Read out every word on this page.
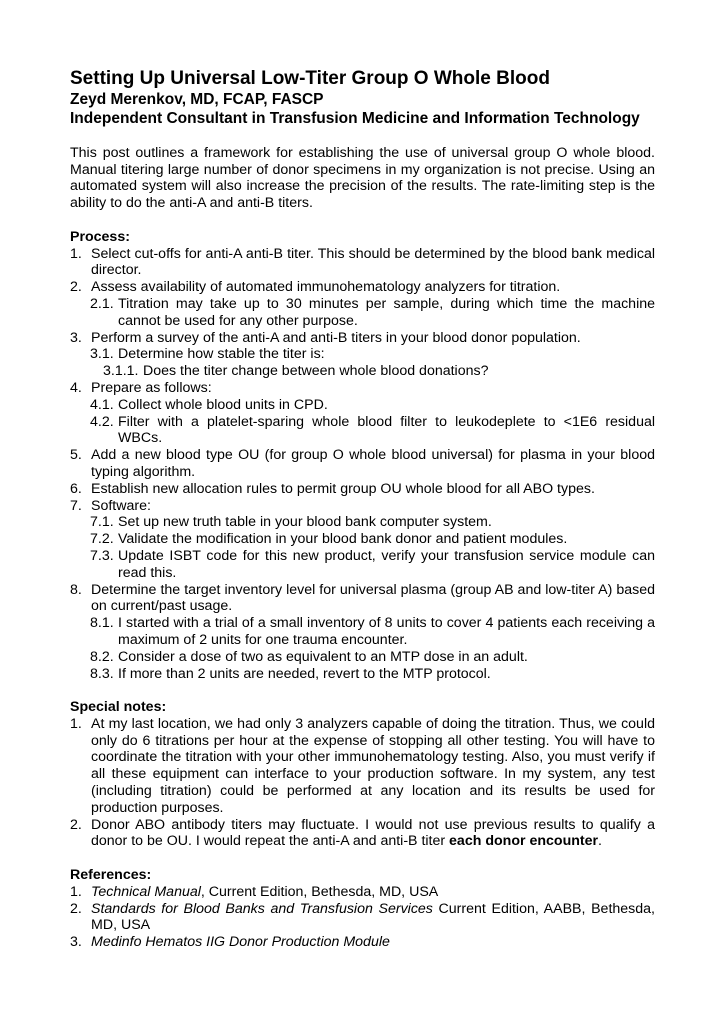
Setting Up Universal Low-Titer Group O Whole Blood

Zeyd Merenkov, MD, FCAP, FASCP

Independent Consultant in Transfusion Medicine and Information Technology

This post outlines a framework for establishing the use of universal group O whole blood. Manual titering large number of donor specimens in my organization is not precise. Using an automated system will also increase the precision of the results. The rate-limiting step is the ability to do the anti-A and anti-B titers.

Process:

1. Select cut-offs for anti-A anti-B titer. This should be determined by the blood bank medical director.
2. Assess availability of automated immunohematology analyzers for titration.
2.1. Titration may take up to 30 minutes per sample, during which time the machine cannot be used for any other purpose.
3. Perform a survey of the anti-A and anti-B titers in your blood donor population.
3.1. Determine how stable the titer is:
3.1.1. Does the titer change between whole blood donations?
4. Prepare as follows:
4.1. Collect whole blood units in CPD.
4.2. Filter with a platelet-sparing whole blood filter to leukodeplete to <1E6 residual WBCs.
5. Add a new blood type OU (for group O whole blood universal) for plasma in your blood typing algorithm.
6. Establish new allocation rules to permit group OU whole blood for all ABO types.
7. Software:
7.1. Set up new truth table in your blood bank computer system.
7.2. Validate the modification in your blood bank donor and patient modules.
7.3. Update ISBT code for this new product, verify your transfusion service module can read this.
8. Determine the target inventory level for universal plasma (group AB and low-titer A) based on current/past usage.
8.1. I started with a trial of a small inventory of 8 units to cover 4 patients each receiving a maximum of 2 units for one trauma encounter.
8.2. Consider a dose of two as equivalent to an MTP dose in an adult.
8.3. If more than 2 units are needed, revert to the MTP protocol.

Special notes:

1. At my last location, we had only 3 analyzers capable of doing the titration. Thus, we could only do 6 titrations per hour at the expense of stopping all other testing. You will have to coordinate the titration with your other immunohematology testing. Also, you must verify if all these equipment can interface to your production software. In my system, any test (including titration) could be performed at any location and its results be used for production purposes.
2. Donor ABO antibody titers may fluctuate. I would not use previous results to qualify a donor to be OU. I would repeat the anti-A and anti-B titer each donor encounter.

References:

1. Technical Manual, Current Edition, Bethesda, MD, USA
2. Standards for Blood Banks and Transfusion Services Current Edition, AABB, Bethesda, MD, USA
3. Medinfo Hematos IIG Donor Production Module
